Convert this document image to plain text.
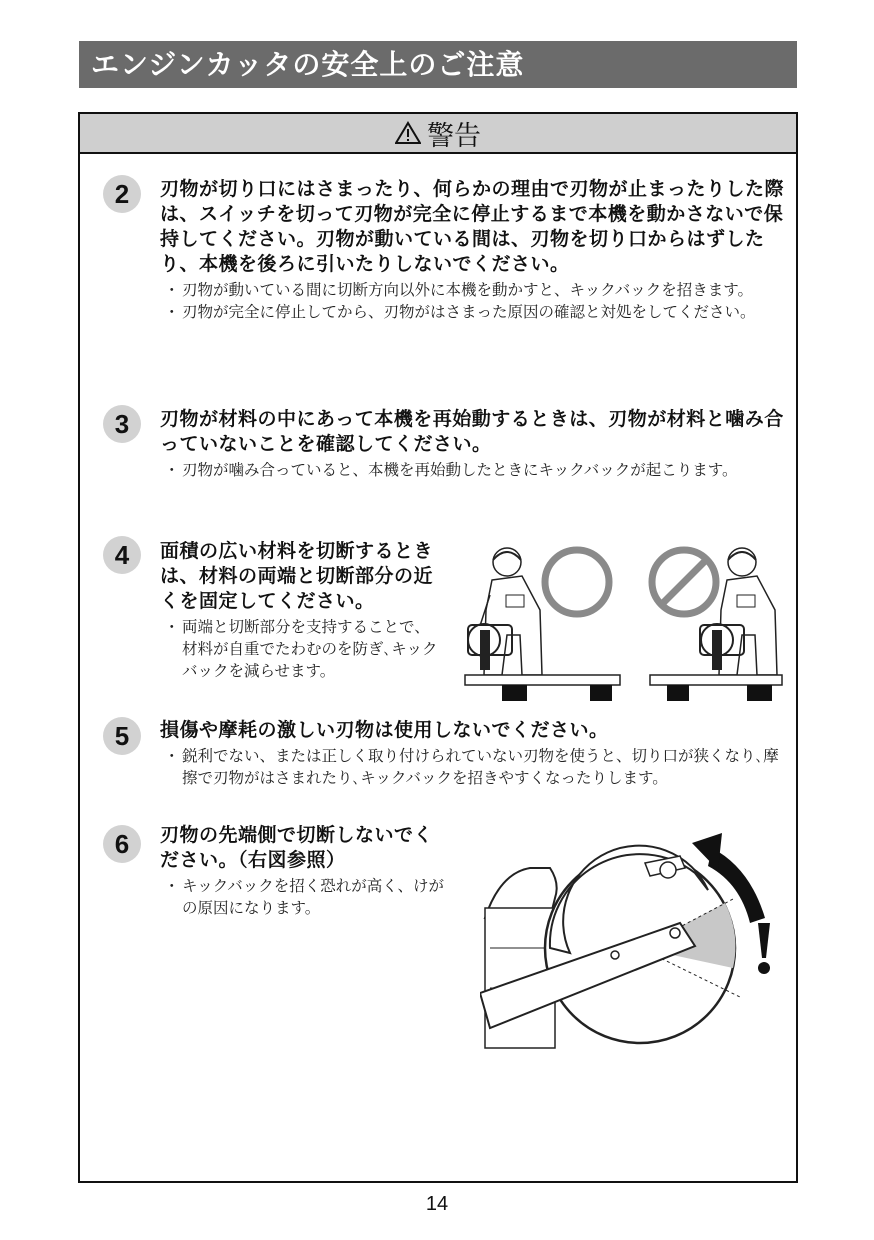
エンジンカッタの安全上のご注意
警告
2	刃物が切り口にはさまったり、何らかの理由で刃物が止まったりした際は、スイッチを切って刃物が完全に停止するまで本機を動かさないで保持してください。刃物が動いている間は、刃物を切り口からはずしたり、本機を後ろに引いたりしないでください。

・ 刃物が動いている間に切断方向以外に本機を動かすと、キックバックを招きます。
・ 刃物が完全に停止してから、刃物がはさまった原因の確認と対処をしてください。
3	刃物が材料の中にあって本機を再始動するときは、刃物が材料と噛み合っていないことを確認してください。

・ 刃物が噛み合っていると、本機を再始動したときにキックバックが起こります。
4	面積の広い材料を切断するときは、材料の両端と切断部分の近くを固定してください。

・ 両端と切断部分を支持することで、材料が自重でたわむのを防ぎ､キックバックを減らせます。
5	損傷や摩耗の激しい刃物は使用しないでください。

・ 鋭利でない、または正しく取り付けられていない刃物を使うと、切り口が狭くなり､摩擦で刃物がはさまれたり､キックバックを招きやすくなったりします。
6	刃物の先端側で切断しないでください。（右図参照）

・ キックバックを招く恐れが高く、けがの原因になります。
14
